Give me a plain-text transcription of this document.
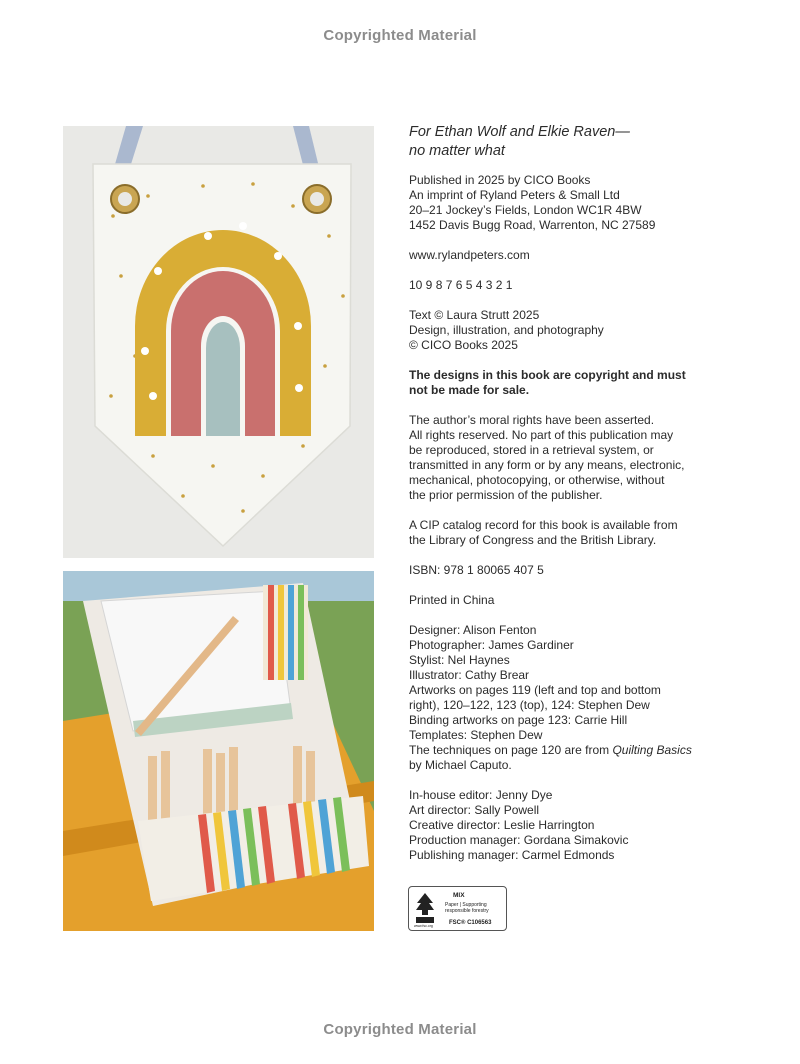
Copyrighted Material

For Ethan Wolf and Elkie Raven—
no matter what

Published in 2025 by CICO Books
An imprint of Ryland Peters & Small Ltd
20–21 Jockey’s Fields, London WC1R 4BW
1452 Davis Bugg Road, Warrenton, NC 27589

www.rylandpeters.com

10 9 8 7 6 5 4 3 2 1

Text © Laura Strutt 2025
Design, illustration, and photography
© CICO Books 2025

The designs in this book are copyright and must
not be made for sale.

The author’s moral rights have been asserted.
All rights reserved. No part of this publication may
be reproduced, stored in a retrieval system, or
transmitted in any form or by any means, electronic,
mechanical, photocopying, or otherwise, without
the prior permission of the publisher.

A CIP catalog record for this book is available from
the Library of Congress and the British Library.

ISBN: 978 1 80065 407 5

Printed in China

Designer: Alison Fenton
Photographer: James Gardiner
Stylist: Nel Haynes
Illustrator: Cathy Brear
Artworks on pages 119 (left and top and bottom
right), 120–122, 123 (top), 124: Stephen Dew
Binding artworks on page 123: Carrie Hill
Templates: Stephen Dew
The techniques on page 120 are from Quilting Basics
by Michael Caputo.

In-house editor: Jenny Dye
Art director: Sally Powell
Creative director: Leslie Harrington
Production manager: Gordana Simakovic
Publishing manager: Carmel Edmonds

MIX
Paper | Supporting
responsible forestry
FSC® C106563
www.fsc.org
Copyrighted Material
